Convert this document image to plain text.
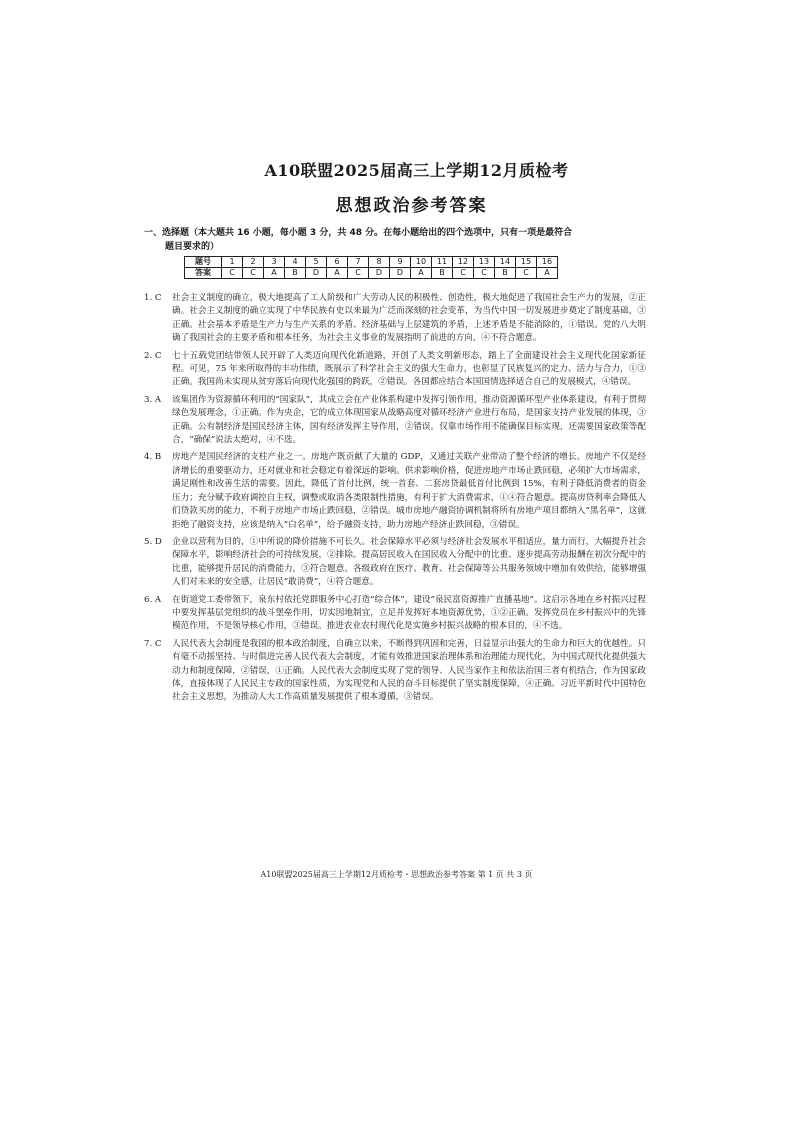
A10联盟2025届高三上学期12月质检考
思想政治参考答案
一、选择题（本大题共 16 小题，每小题 3 分，共 48 分。在每小题给出的四个选项中，只有一项是最符合
题目要求的）
题号	1	2	3	4	5	6	7	8	9	10	11	12	13	14	15	16
答案	C	C	A	B	D	A	C	D	D	A	B	C	C	B	C	A
1. C	社会主义制度的确立，极大地提高了工人阶级和广大劳动人民的积极性、创造性，极大地促进了我国社会生产力的发展，②正确。社会主义制度的确立实现了中华民族有史以来最为广泛而深刻的社会变革，为当代中国一切发展进步奠定了制度基础，③正确。社会基本矛盾是生产力与生产关系的矛盾、经济基础与上层建筑的矛盾，上述矛盾是不能消除的，①错误。党的八大明确了我国社会的主要矛盾和根本任务，为社会主义事业的发展指明了前进的方向，④不符合题意。
2. C	七十五载党团结带领人民开辟了人类迈向现代化新道路，开创了人类文明新形态，踏上了全面建设社会主义现代化国家新征程。可见，75 年来所取得的丰功伟绩，既展示了科学社会主义的强大生命力，也彰显了民族复兴的定力、活力与合力，①③正确。我国尚未实现从贫穷落后向现代化强国的跨跃，②错误。各国都应结合本国国情选择适合自己的发展模式，④错误。
3. A	该集团作为资源循环利用的“国家队”，其成立会在产业体系构建中发挥引领作用，推动资源循环型产业体系建设，有利于贯彻绿色发展理念，①正确。作为央企，它的成立体现国家从战略高度对循环经济产业进行布局，是国家支持产业发展的体现，③正确。公有制经济是国民经济主体，国有经济发挥主导作用，②错误。仅靠市场作用不能确保目标实现，还需要国家政策等配合，“确保”说法太绝对，④不选。
4. B	房地产是国民经济的支柱产业之一。房地产既贡献了大量的 GDP，又通过关联产业带动了整个经济的增长。房地产不仅是经济增长的重要驱动力，还对就业和社会稳定有着深远的影响。供求影响价格，促进房地产市场止跌回稳，必须扩大市场需求，满足刚性和改善生活的需要。因此，降低了首付比例，统一首套、二套房贷最低首付比例到 15%，有利于降低消费者的资金压力；充分赋予政府调控自主权，调整或取消各类限制性措施，有利于扩大消费需求，①④符合题意。提高房贷利率会降低人们贷款买房的能力，不利于房地产市场止跌回稳，②错误。城市房地产融资协调机制将所有房地产项目都纳入“黑名单”，这就拒绝了融资支持，应该是纳入“白名单”，给予融资支持，助力房地产经济止跌回稳，③错误。
5. D	企业以营利为目的，①中所说的降价措施不可长久。社会保障水平必须与经济社会发展水平相适应，量力而行，大幅提升社会保障水平，影响经济社会的可持续发展，②排除。提高居民收入在国民收入分配中的比重、逐步提高劳动报酬在初次分配中的比重，能够提升居民的消费能力，③符合题意。各级政府在医疗、教育、社会保障等公共服务领域中增加有效供给，能够增强人们对未来的安全感，让居民“敢消费”，④符合题意。
6. A	在街道党工委带领下，泉东村依托党群服务中心打造“综合体”，建设“泉民富资源推广直播基地”。这启示各地在乡村振兴过程中要发挥基层党组织的战斗堡垒作用，切实因地制宜，立足并发挥好本地资源优势，①②正确。发挥党员在乡村振兴中的先锋模范作用，不是领导核心作用，③错误。推进农业农村现代化是实施乡村振兴战略的根本目的，④不选。
7. C	人民代表大会制度是我国的根本政治制度，自确立以来，不断得到巩固和完善，日益显示出强大的生命力和巨大的优越性。只有毫不动摇坚持、与时俱进完善人民代表大会制度，才能有效推进国家治理体系和治理能力现代化，为中国式现代化提供强大动力和制度保障，②错误，①正确。人民代表大会制度实现了党的领导、人民当家作主和依法治国三者有机结合，作为国家政体，直接体现了人民民主专政的国家性质，为实现党和人民的奋斗目标提供了坚实制度保障，④正确。习近平新时代中国特色社会主义思想，为推动人大工作高质量发展提供了根本遵循，③错误。
A10联盟2025届高三上学期12月质检考・思想政治参考答案 第 1 页 共 3 页
